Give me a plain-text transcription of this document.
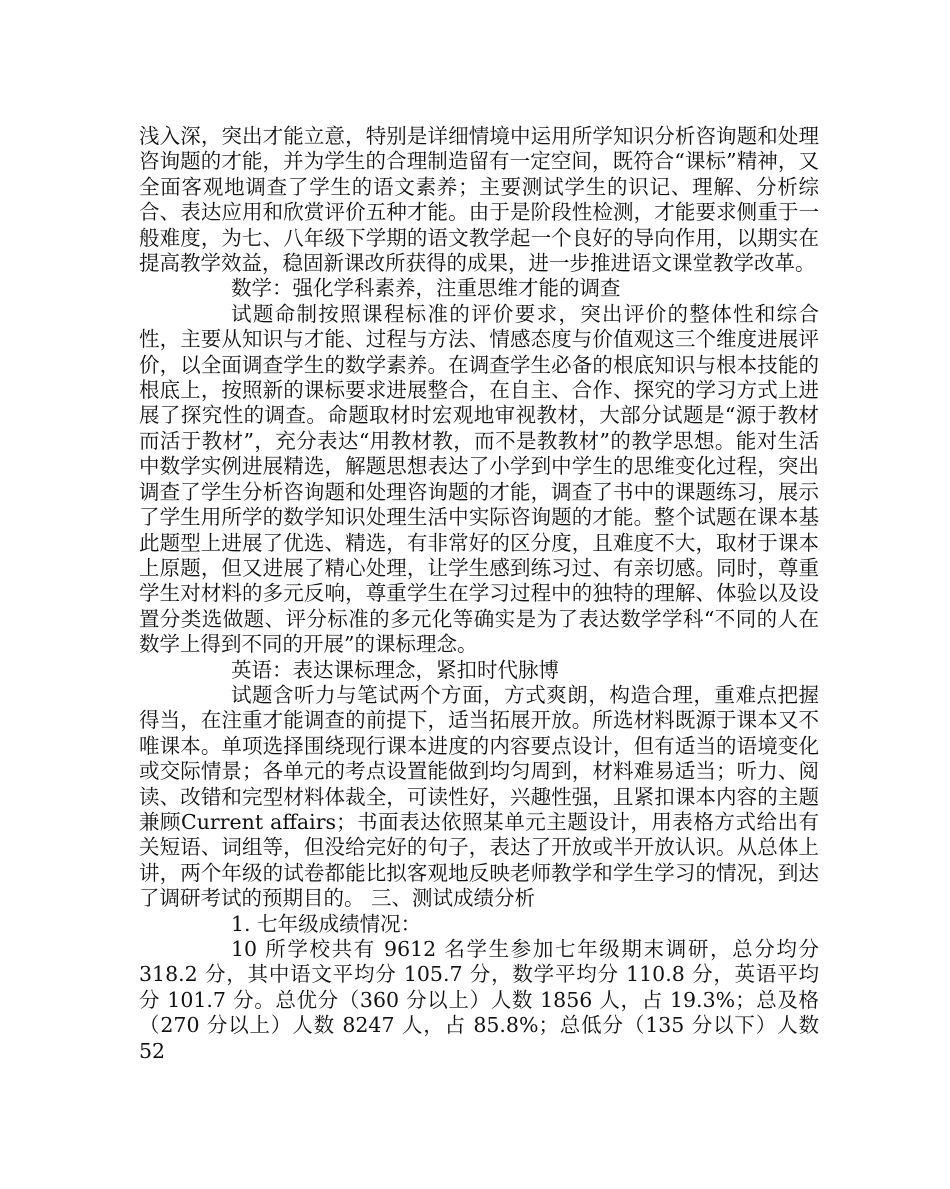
浅入深，突出才能立意，特别是详细情境中运用所学知识分析咨询题和处理咨询题的才能，并为学生的合理制造留有一定空间，既符合“课标”精神，又全面客观地调查了学生的语文素养；主要测试学生的识记、理解、分析综合、表达应用和欣赏评价五种才能。由于是阶段性检测，才能要求侧重于一般难度，为七、八年级下学期的语文教学起一个良好的导向作用，以期实在提高教学效益，稳固新课改所获得的成果，进一步推进语文课堂教学改革。

数学：强化学科素养，注重思维才能的调查

试题命制按照课程标准的评价要求，突出评价的整体性和综合性，主要从知识与才能、过程与方法、情感态度与价值观这三个维度进展评价，以全面调查学生的数学素养。在调查学生必备的根底知识与根本技能的根底上，按照新的课标要求进展整合，在自主、合作、探究的学习方式上进展了探究性的调查。命题取材时宏观地审视教材，大部分试题是“源于教材而活于教材”，充分表达“用教材教，而不是教教材”的教学思想。能对生活中数学实例进展精选，解题思想表达了小学到中学生的思维变化过程，突出调查了学生分析咨询题和处理咨询题的才能，调查了书中的课题练习，展示了学生用所学的数学知识处理生活中实际咨询题的才能。整个试题在课本基此题型上进展了优选、精选，有非常好的区分度，且难度不大，取材于课本上原题，但又进展了精心处理，让学生感到练习过、有亲切感。同时，尊重学生对材料的多元反响，尊重学生在学习过程中的独特的理解、体验以及设置分类选做题、评分标准的多元化等确实是为了表达数学学科“不同的人在数学上得到不同的开展”的课标理念。

英语：表达课标理念，紧扣时代脉博

试题含听力与笔试两个方面，方式爽朗，构造合理，重难点把握得当，在注重才能调查的前提下，适当拓展开放。所选材料既源于课本又不唯课本。单项选择围绕现行课本进度的内容要点设计，但有适当的语境变化或交际情景；各单元的考点设置能做到均匀周到，材料难易适当；听力、阅读、改错和完型材料体裁全，可读性好，兴趣性强，且紧扣课本内容的主题兼顾Current affairs；书面表达依照某单元主题设计，用表格方式给出有关短语、词组等，但没给完好的句子，表达了开放或半开放认识。从总体上讲，两个年级的试卷都能比拟客观地反映老师教学和学生学习的情况，到达了调研考试的预期目的。 三、测试成绩分析

1. 七年级成绩情况：

10 所学校共有 9612 名学生参加七年级期末调研，总分均分 318.2 分，其中语文平均分 105.7 分，数学平均分 110.8 分，英语平均分 101.7 分。总优分（360 分以上）人数 1856 人，占 19.3%；总及格（270 分以上）人数 8247 人，占 85.8%；总低分（135 分以下）人数 52
